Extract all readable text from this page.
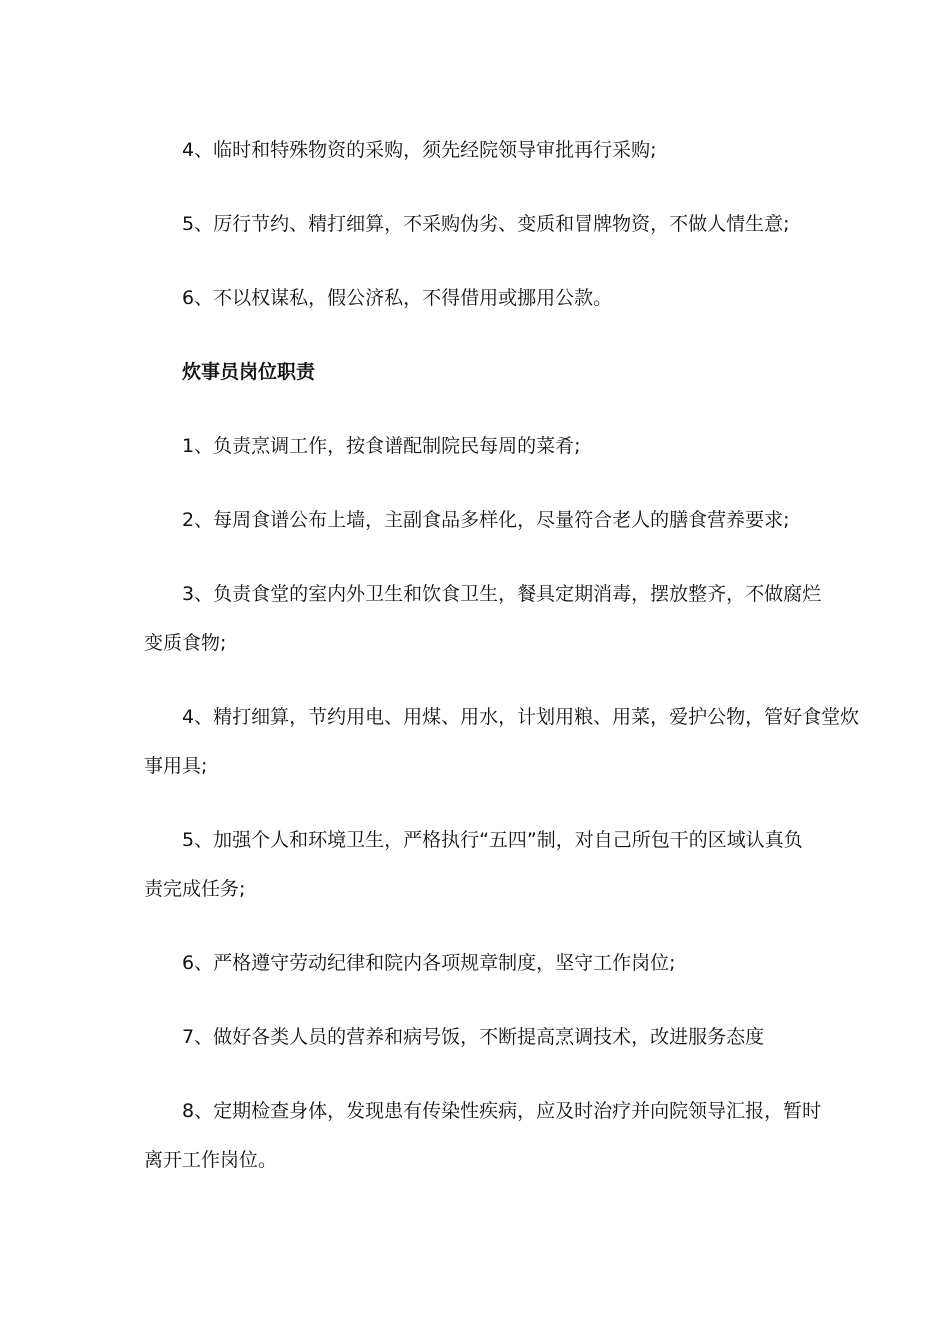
4、临时和特殊物资的采购，须先经院领导审批再行采购;

5、厉行节约、精打细算，不采购伪劣、变质和冒牌物资，不做人情生意;

6、不以权谋私，假公济私，不得借用或挪用公款。

炊事员岗位职责

1、负责烹调工作，按食谱配制院民每周的菜肴;

2、每周食谱公布上墙，主副食品多样化，尽量符合老人的膳食营养要求;

3、负责食堂的室内外卫生和饮食卫生，餐具定期消毒，摆放整齐，不做腐烂

变质食物;

4、精打细算，节约用电、用煤、用水，计划用粮、用菜，爱护公物，管好食堂炊

事用具;

5、加强个人和环境卫生，严格执行“五四”制，对自己所包干的区域认真负

责完成任务;

6、严格遵守劳动纪律和院内各项规章制度，坚守工作岗位;

7、做好各类人员的营养和病号饭，不断提高烹调技术，改进服务态度

8、定期检查身体，发现患有传染性疾病，应及时治疗并向院领导汇报，暂时

离开工作岗位。
